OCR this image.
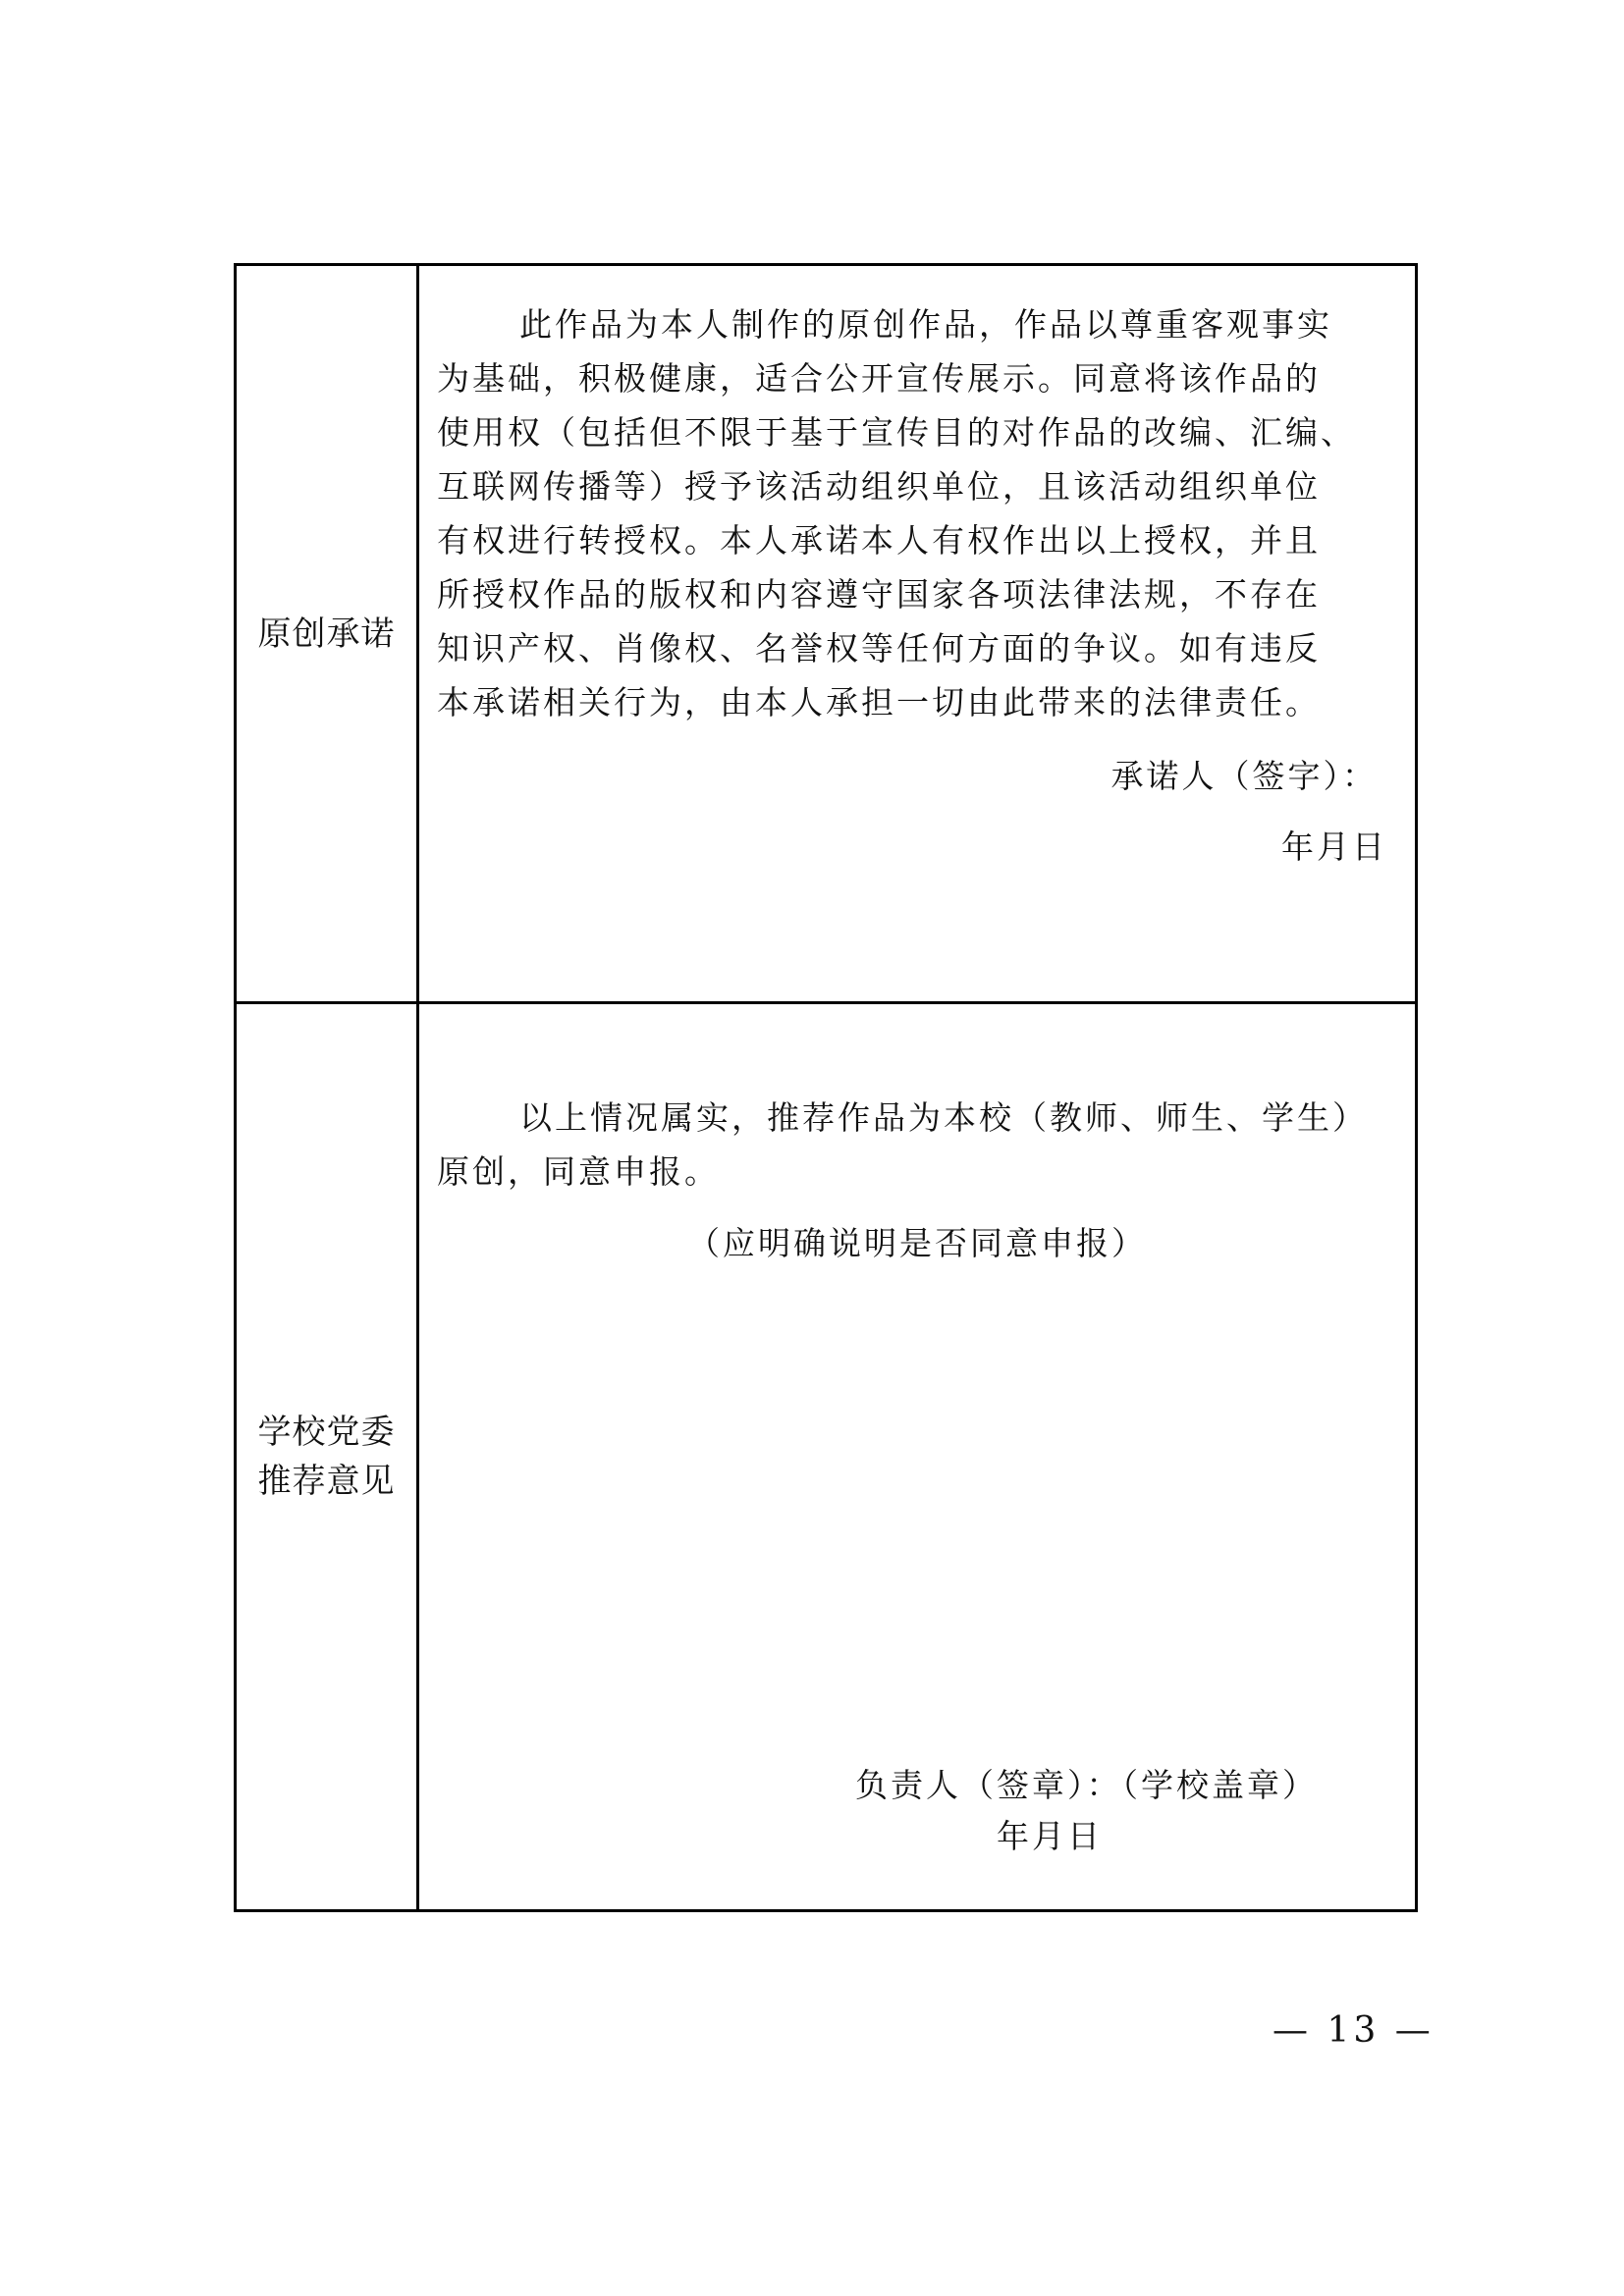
原创承诺
此作品为本人制作的原创作品，作品以尊重客观事实
为基础，积极健康，适合公开宣传展示。同意将该作品的
使用权（包括但不限于基于宣传目的对作品的改编、汇编、
互联网传播等）授予该活动组织单位，且该活动组织单位
有权进行转授权。本人承诺本人有权作出以上授权，并且
所授权作品的版权和内容遵守国家各项法律法规，不存在
知识产权、肖像权、名誉权等任何方面的争议。如有违反
本承诺相关行为，由本人承担一切由此带来的法律责任。
承诺人（签字）：
年月日
学校党委
推荐意见
以上情况属实，推荐作品为本校（教师、师生、学生）
原创，同意申报。
（应明确说明是否同意申报）
负责人（签章）：（学校盖章）
年月日
— 13 —
